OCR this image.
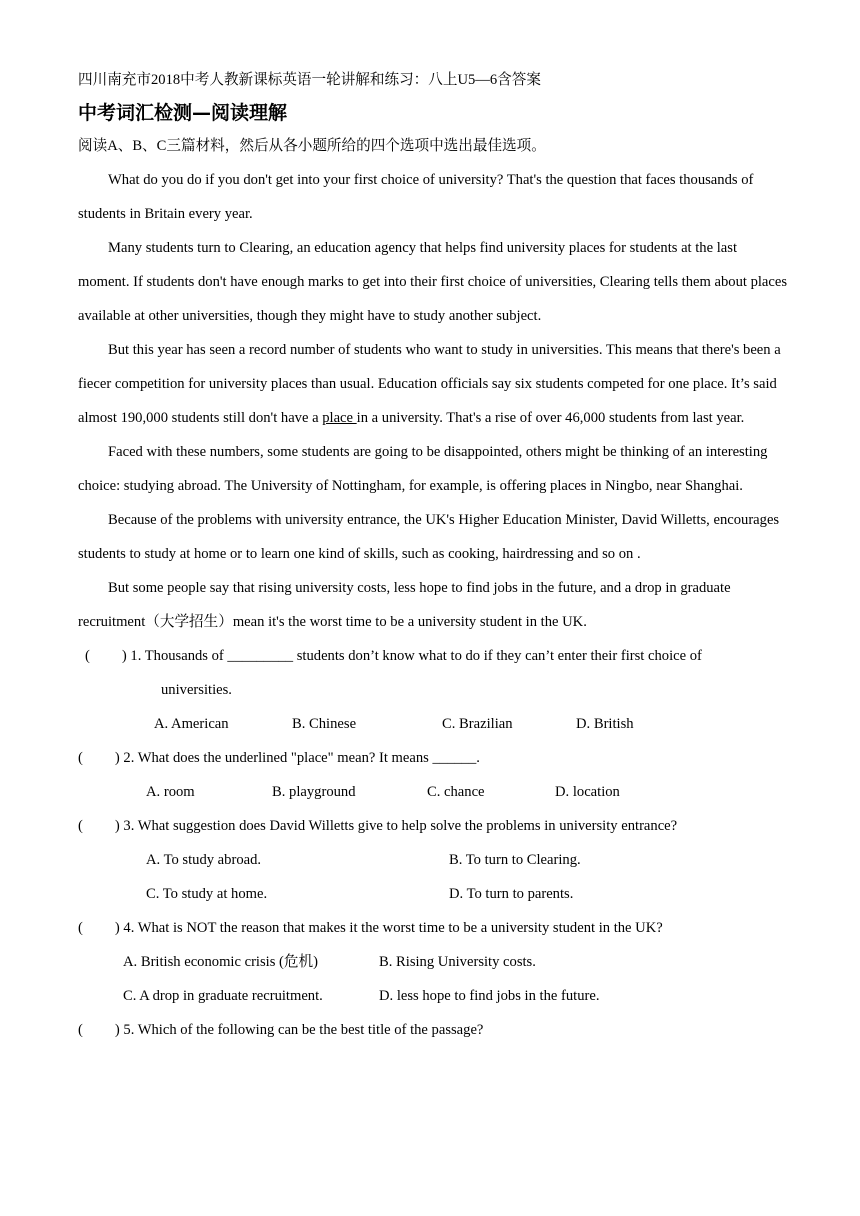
四川南充市2018中考人教新课标英语一轮讲解和练习：八上U5—6含答案
中考词汇检测—阅读理解
阅读A、B、C三篇材料，然后从各小题所给的四个选项中选出最佳选项。

What do you do if you don't get into your first choice of university? That's the question that faces thousands of students in Britain every year.

Many students turn to Clearing, an education agency that helps find university places for students at the last moment. If students don't have enough marks to get into their first choice of universities, Clearing tells them about places available at other universities, though they might have to study another subject.

But this year has seen a record number of students who want to study in universities. This means that there's been a fiecer competition for university places than usual. Education officials say six students competed for one place. It’s said almost 190,000 students still don't have a place in a university. That's a rise of over 46,000 students from last year.

Faced with these numbers, some students are going to be disappointed, others might be thinking of an interesting choice: studying abroad. The University of Nottingham, for example, is offering places in Ningbo, near Shanghai.

Because of the problems with university entrance, the UK's Higher Education Minister, David Willetts, encourages students to study at home or to learn one kind of skills, such as cooking, hairdressing and so on .

But some people say that rising university costs, less hope to find jobs in the future, and a drop in graduate recruitment（大学招生）mean it's the worst time to be a university student in the UK.

( ) 1. Thousands of _________ students don’t know what to do if they can’t enter their first choice of
universities.
A. American	B. Chinese	C. Brazilian	D. British
( ) 2. What does the underlined "place" mean? It means ______.
A. room	B. playground	C. chance	D. location
( ) 3. What suggestion does David Willetts give to help solve the problems in university entrance?
A. To study abroad.	B. To turn to Clearing.
C. To study at home.	D. To turn to parents.
( ) 4. What is NOT the reason that makes it the worst time to be a university student in the UK?
A. British economic crisis (危机)	B. Rising University costs.
C. A drop in graduate recruitment.	D. less hope to find jobs in the future.
( ) 5. Which of the following can be the best title of the passage?
